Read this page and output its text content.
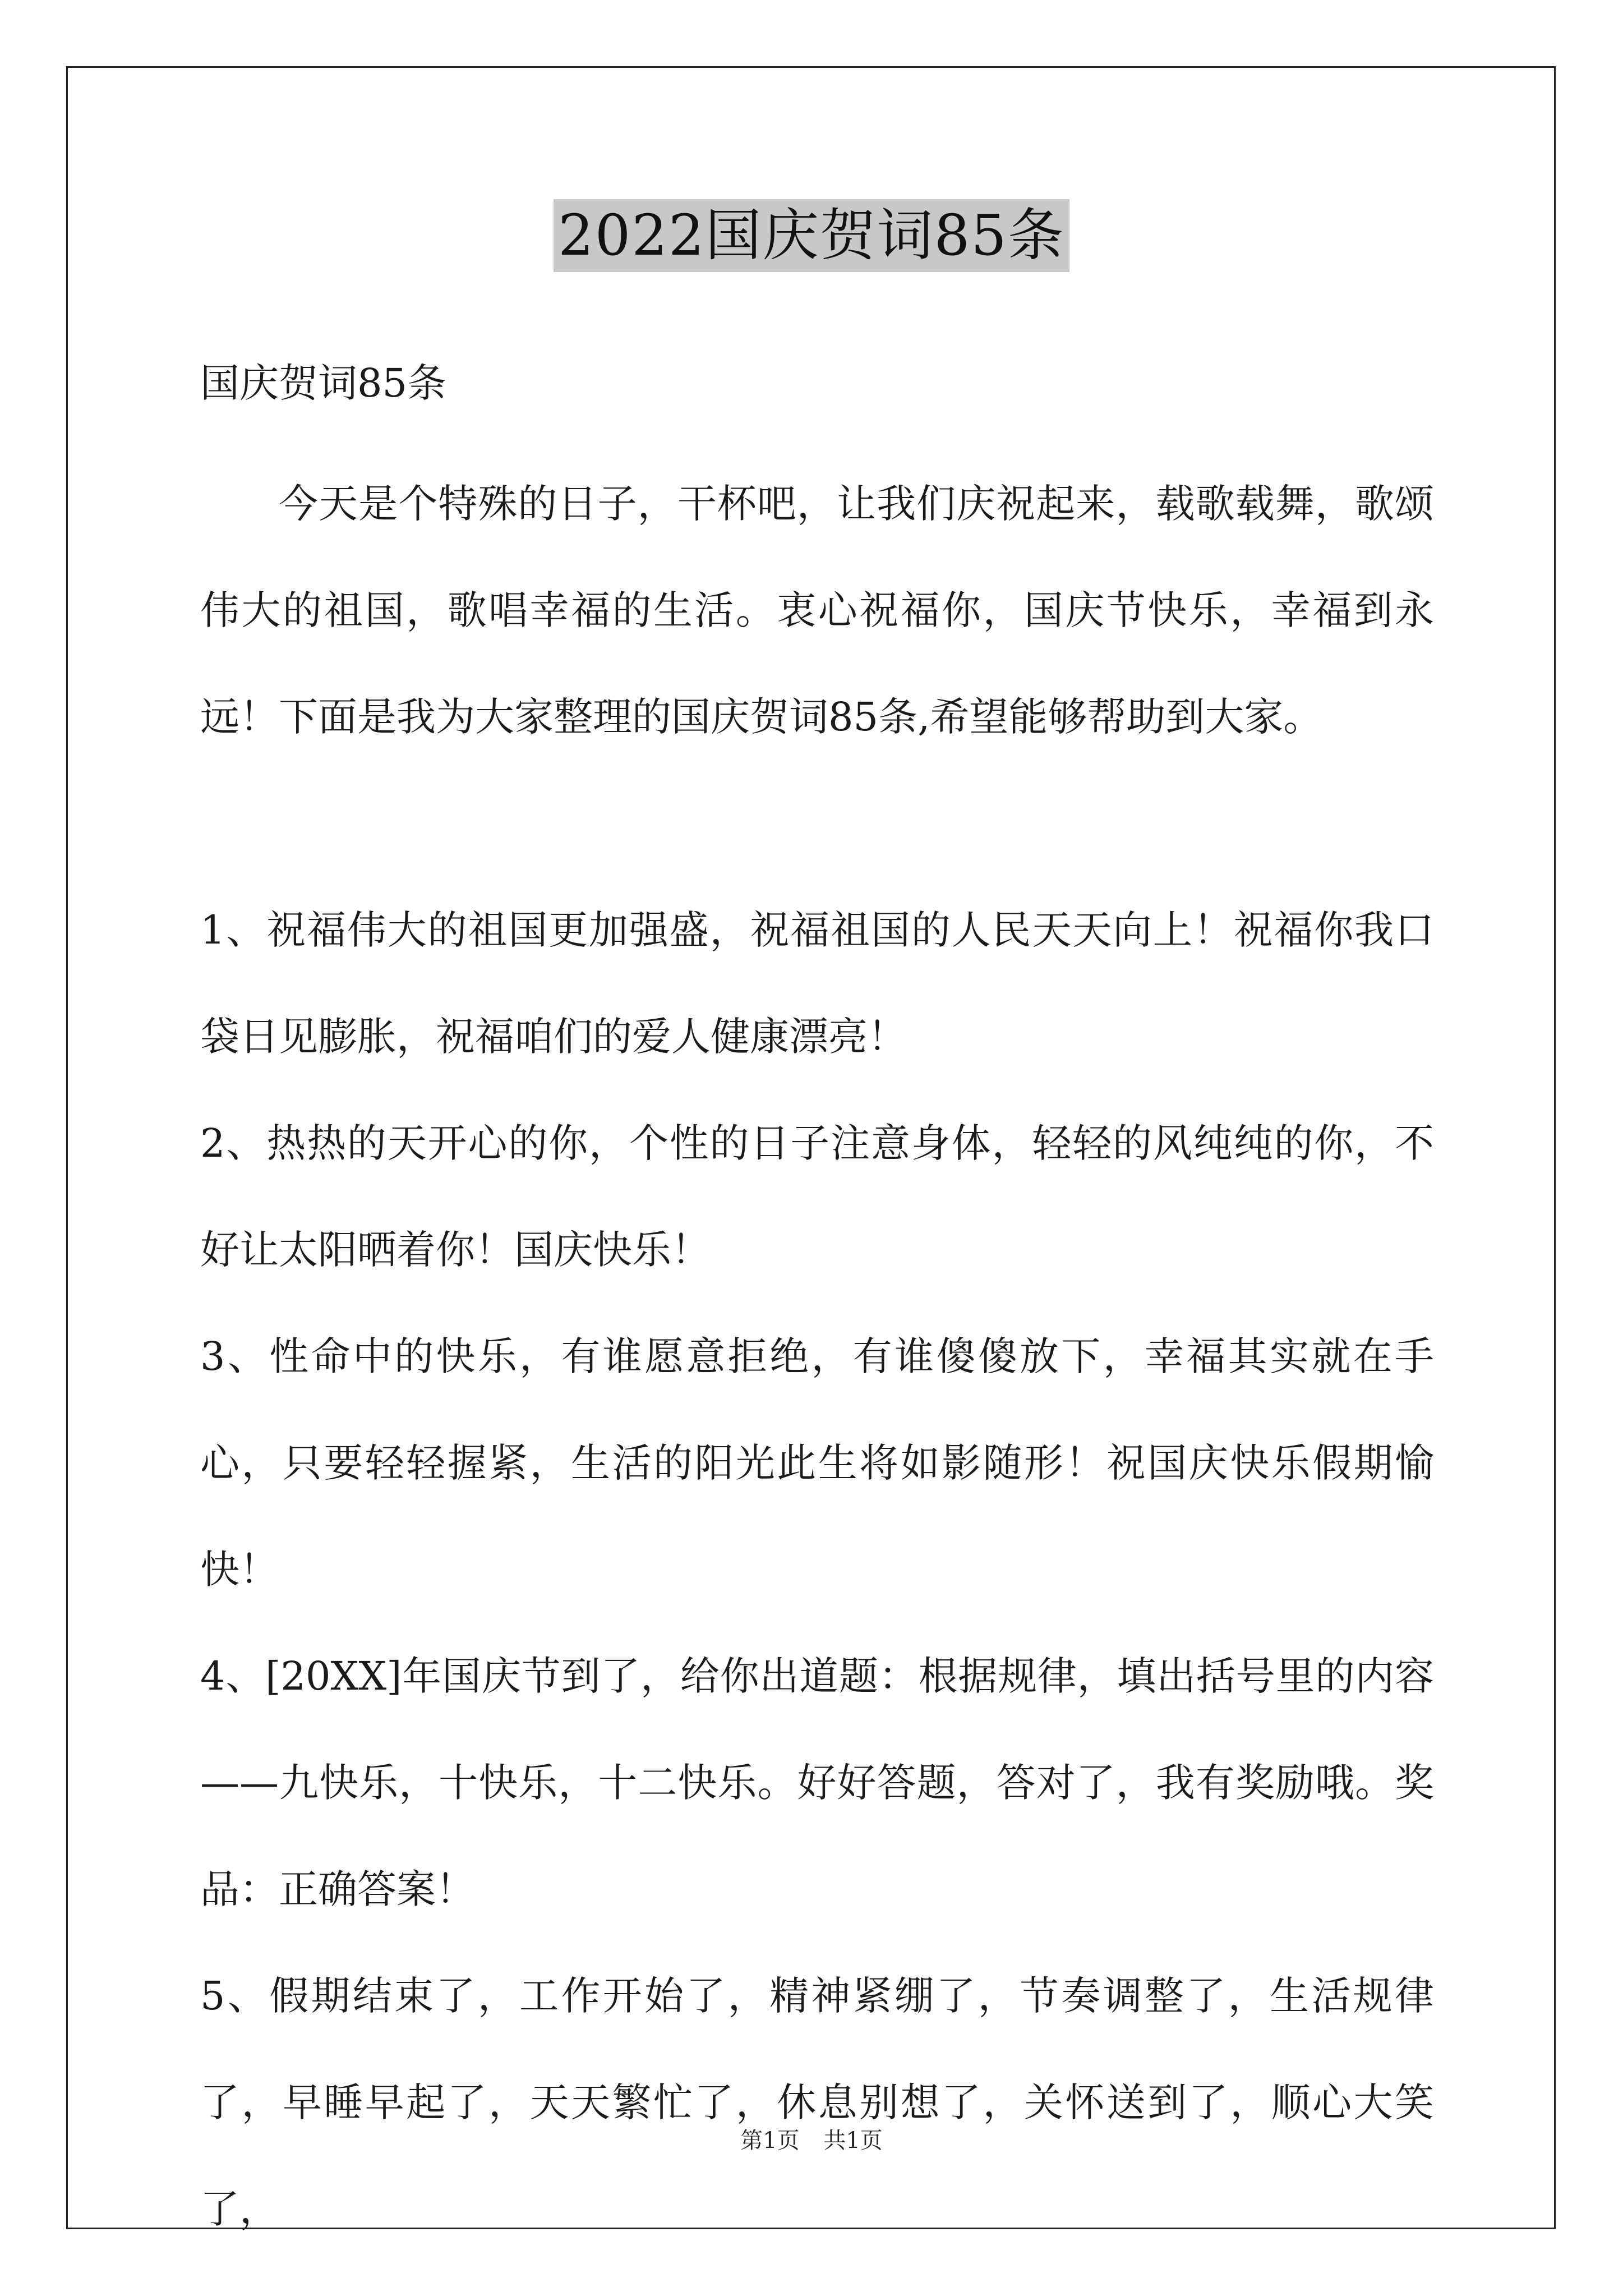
2022国庆贺词85条

国庆贺词85条

今天是个特殊的日子，干杯吧，让我们庆祝起来，载歌载舞，歌颂伟大的祖国，歌唱幸福的生活。衷心祝福你，国庆节快乐，幸福到永远！下面是我为大家整理的国庆贺词85条,希望能够帮助到大家。

1、祝福伟大的祖国更加强盛，祝福祖国的人民天天向上！祝福你我口袋日见膨胀，祝福咱们的爱人健康漂亮！
2、热热的天开心的你，个性的日子注意身体，轻轻的风纯纯的你，不好让太阳晒着你！国庆快乐！
3、性命中的快乐，有谁愿意拒绝，有谁傻傻放下，幸福其实就在手心，只要轻轻握紧，生活的阳光此生将如影随形！祝国庆快乐假期愉快！
4、[20XX]年国庆节到了，给你出道题：根据规律，填出括号里的内容——九快乐，十快乐，十二快乐。好好答题，答对了，我有奖励哦。奖品：正确答案！
5、假期结束了，工作开始了，精神紧绷了，节奏调整了，生活规律了，早睡早起了，天天繁忙了，休息别想了，关怀送到了，顺心大笑了，
第1页 共1页
